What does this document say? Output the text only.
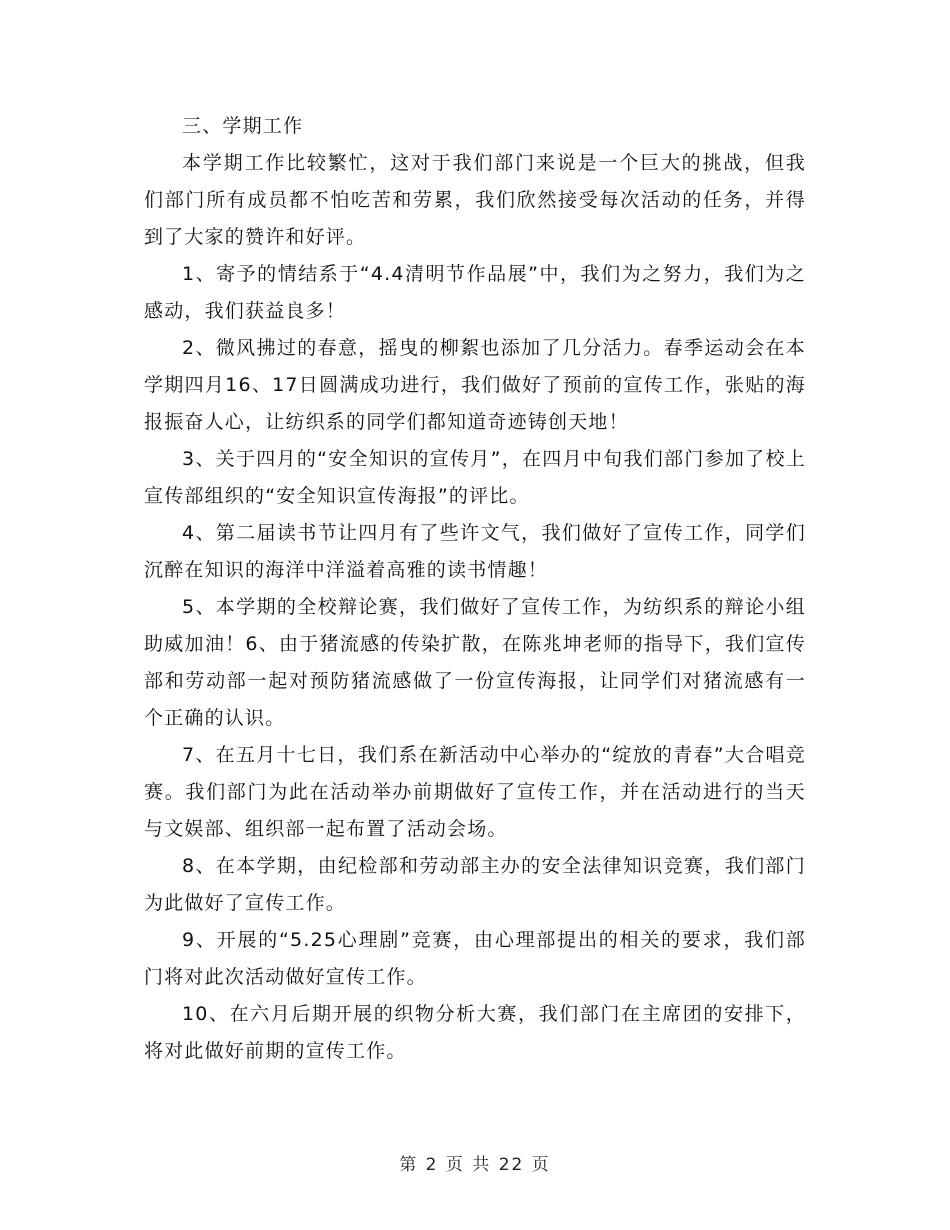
三、学期工作

本学期工作比较繁忙，这对于我们部门来说是一个巨大的挑战，但我们部门所有成员都不怕吃苦和劳累，我们欣然接受每次活动的任务，并得到了大家的赞许和好评。

1、寄予的情结系于“4.4清明节作品展”中，我们为之努力，我们为之感动，我们获益良多！

2、微风拂过的春意，摇曳的柳絮也添加了几分活力。春季运动会在本学期四月16、17日圆满成功进行，我们做好了预前的宣传工作，张贴的海报振奋人心，让纺织系的同学们都知道奇迹铸创天地！

3、关于四月的“安全知识的宣传月”，在四月中旬我们部门参加了校上宣传部组织的“安全知识宣传海报”的评比。

4、第二届读书节让四月有了些许文气，我们做好了宣传工作，同学们沉醉在知识的海洋中洋溢着高雅的读书情趣！

5、本学期的全校辩论赛，我们做好了宣传工作，为纺织系的辩论小组助威加油！6、由于猪流感的传染扩散，在陈兆坤老师的指导下，我们宣传部和劳动部一起对预防猪流感做了一份宣传海报，让同学们对猪流感有一个正确的认识。

7、在五月十七日，我们系在新活动中心举办的“绽放的青春”大合唱竞赛。我们部门为此在活动举办前期做好了宣传工作，并在活动进行的当天与文娱部、组织部一起布置了活动会场。

8、在本学期，由纪检部和劳动部主办的安全法律知识竞赛，我们部门为此做好了宣传工作。

9、开展的“5.25心理剧”竞赛，由心理部提出的相关的要求，我们部门将对此次活动做好宣传工作。

10、在六月后期开展的织物分析大赛，我们部门在主席团的安排下，将对此做好前期的宣传工作。

第 2 页 共 22 页
